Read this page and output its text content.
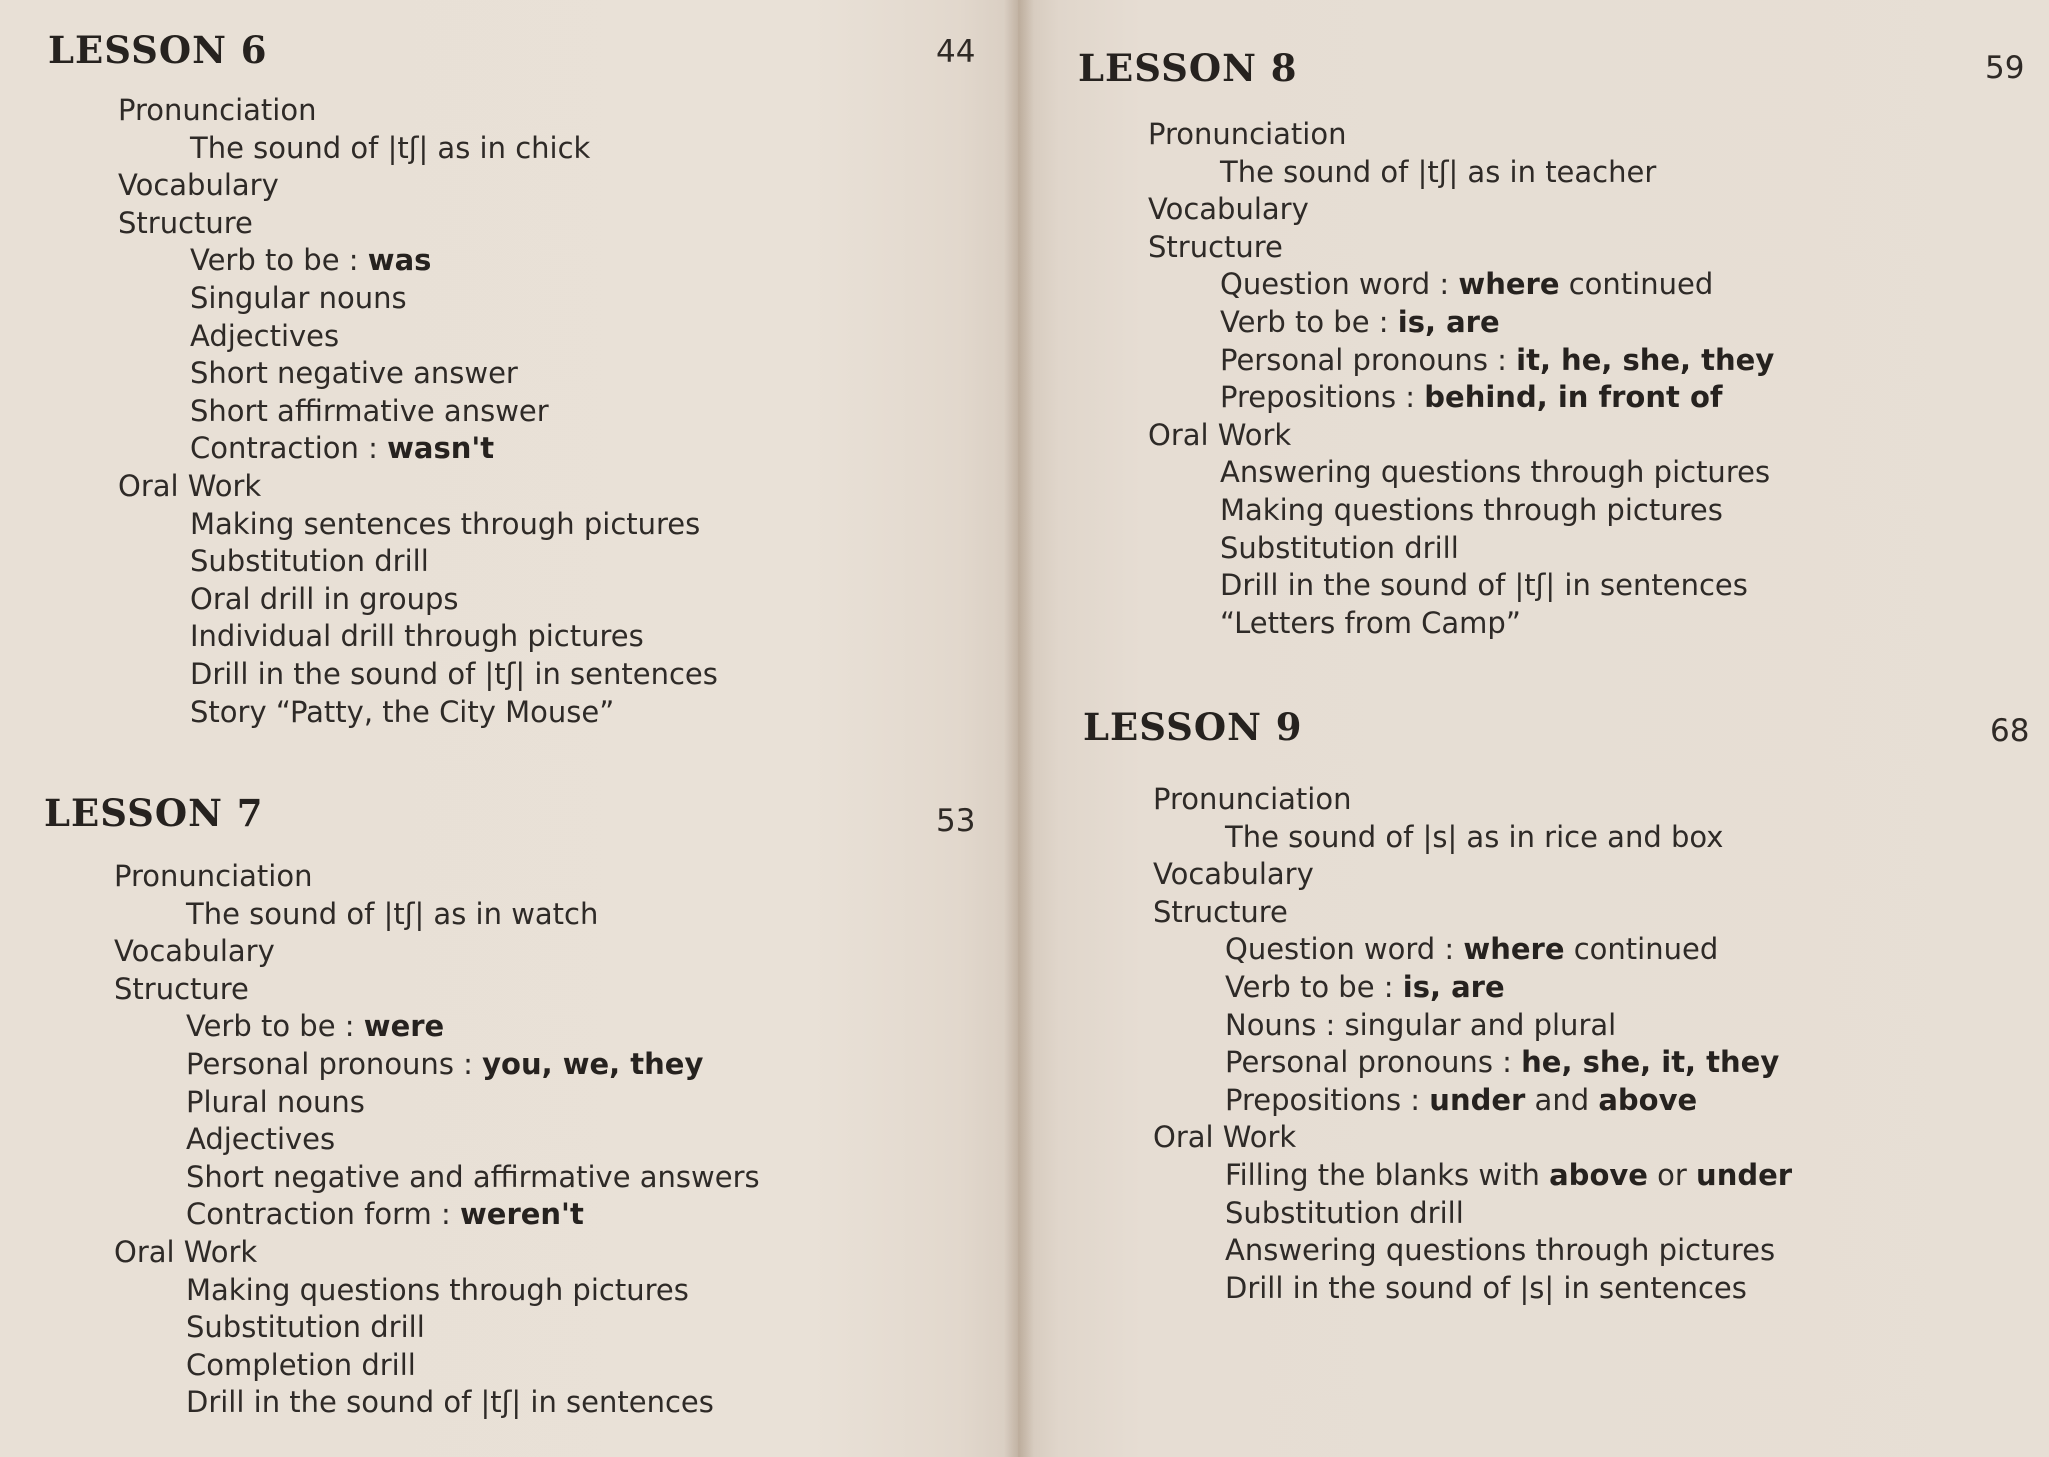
LESSON 6	44
Pronunciation
The sound of |tʃ| as in chick
Vocabulary
Structure
Verb to be : was
Singular nouns
Adjectives
Short negative answer
Short affirmative answer
Contraction : wasn't
Oral Work
Making sentences through pictures
Substitution drill
Oral drill in groups
Individual drill through pictures
Drill in the sound of |tʃ| in sentences
Story “Patty, the City Mouse”
LESSON 7	53
Pronunciation
The sound of |tʃ| as in watch
Vocabulary
Structure
Verb to be : were
Personal pronouns : you, we, they
Plural nouns
Adjectives
Short negative and affirmative answers
Contraction form : weren't
Oral Work
Making questions through pictures
Substitution drill
Completion drill
Drill in the sound of |tʃ| in sentences
LESSON 8	59
Pronunciation
The sound of |tʃ| as in teacher
Vocabulary
Structure
Question word : where continued
Verb to be : is, are
Personal pronouns : it, he, she, they
Prepositions : behind, in front of
Oral Work
Answering questions through pictures
Making questions through pictures
Substitution drill
Drill in the sound of |tʃ| in sentences
“Letters from Camp”
LESSON 9	68
Pronunciation
The sound of |s| as in rice and box
Vocabulary
Structure
Question word : where continued
Verb to be : is, are
Nouns : singular and plural
Personal pronouns : he, she, it, they
Prepositions : under and above
Oral Work
Filling the blanks with above or under
Substitution drill
Answering questions through pictures
Drill in the sound of |s| in sentences
